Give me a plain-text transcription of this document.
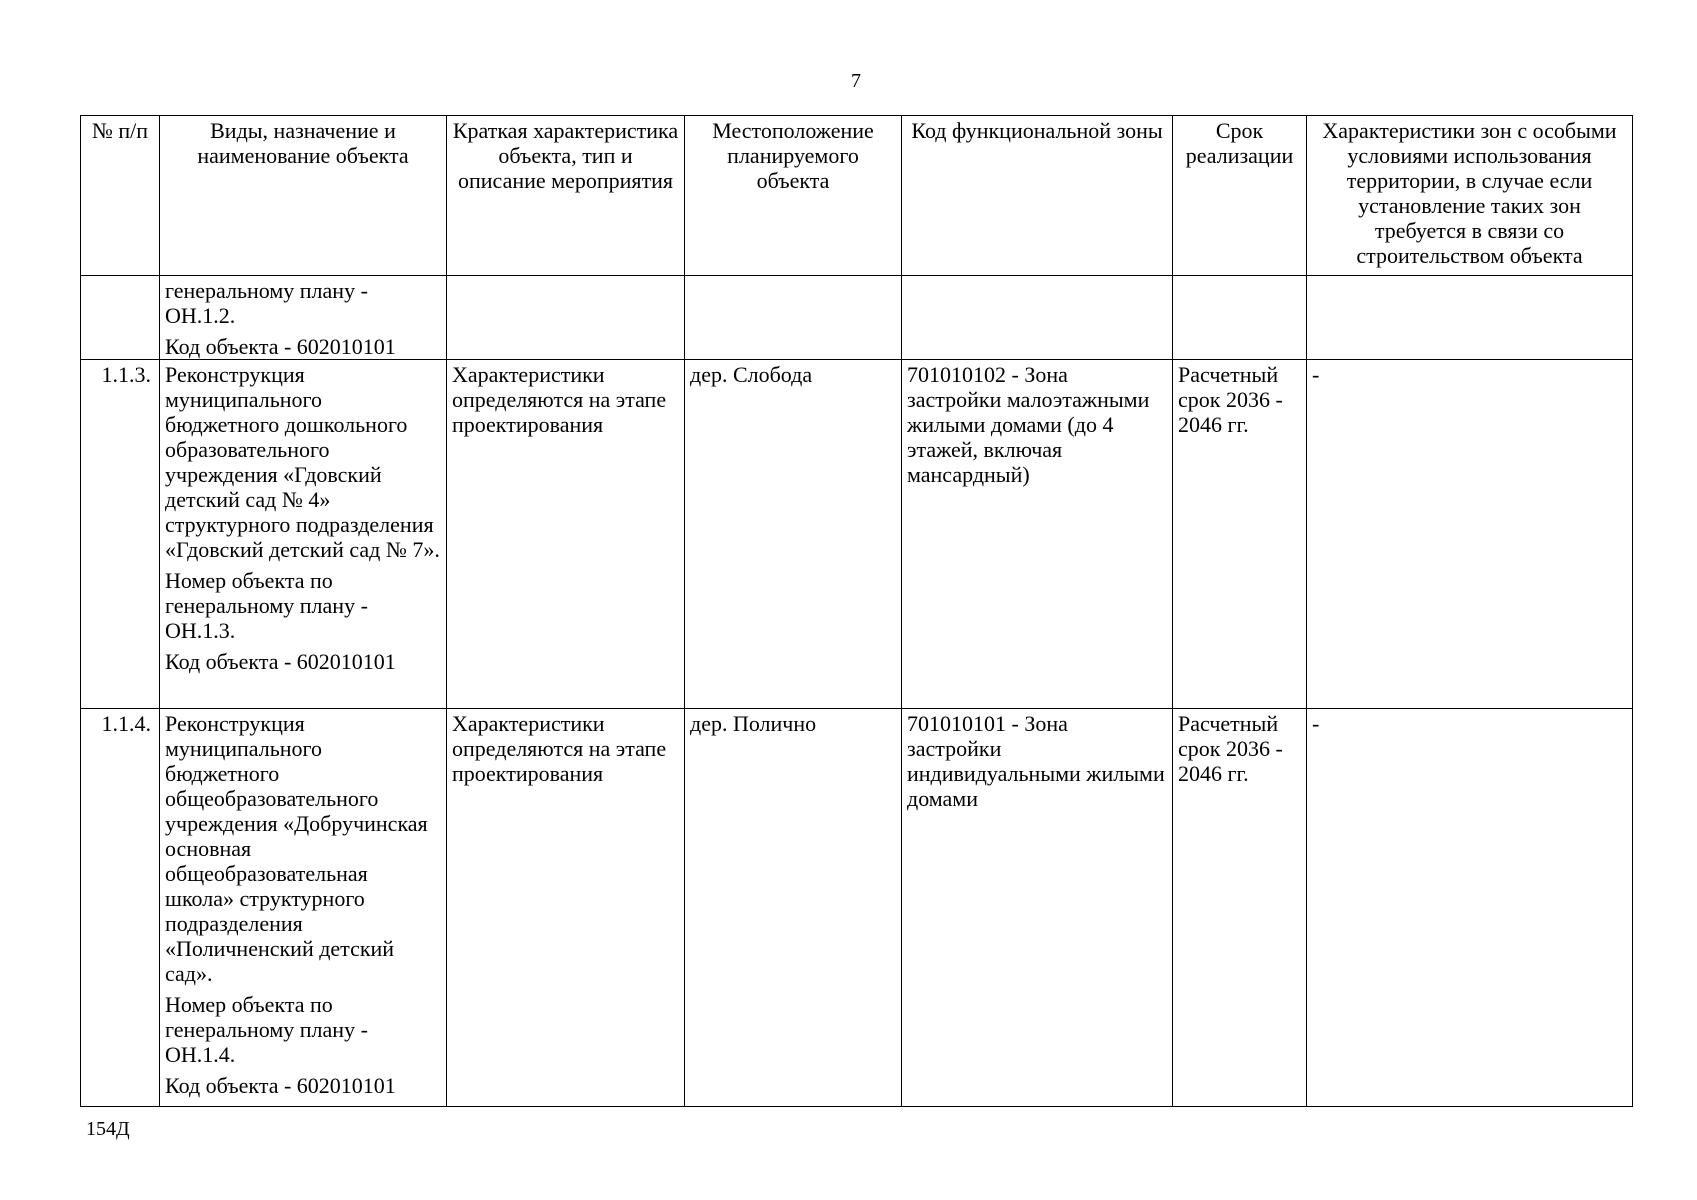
7
№ п/п	Виды, назначение и наименование объекта	Краткая характеристика объекта, тип и описание мероприятия	Местоположение планируемого объекта	Код функциональной зоны	Срок реализации	Характеристики зон с особыми условиями использования территории, в случае если установление таких зон требуется в связи со строительством объекта

	генеральному плану - ОН.1.2.
Код объекта - 602010101					

1.1.3.	Реконструкция муниципального бюджетного дошкольного образовательного учреждения «Гдовский детский сад № 4» структурного подразделения «Гдовский детский сад № 7».
Номер объекта по генеральному плану - ОН.1.3.
Код объекта - 602010101	Характеристики определяются на этапе проектирования	дер. Слобода	701010102 - Зона застройки малоэтажными жилыми домами (до 4 этажей, включая мансардный)	Расчетный срок 2036 - 2046 гг.	-
1.1.4.	Реконструкция муниципального бюджетного общеобразовательного учреждения «Добручинская основная общеобразовательная школа» структурного подразделения «Поличненский детский сад».
Номер объекта по генеральному плану - ОН.1.4.
Код объекта - 602010101	Характеристики определяются на этапе проектирования	дер. Полично	701010101 - Зона застройки индивидуальными жилыми домами	Расчетный срок 2036 - 2046 гг.	-
154Д
